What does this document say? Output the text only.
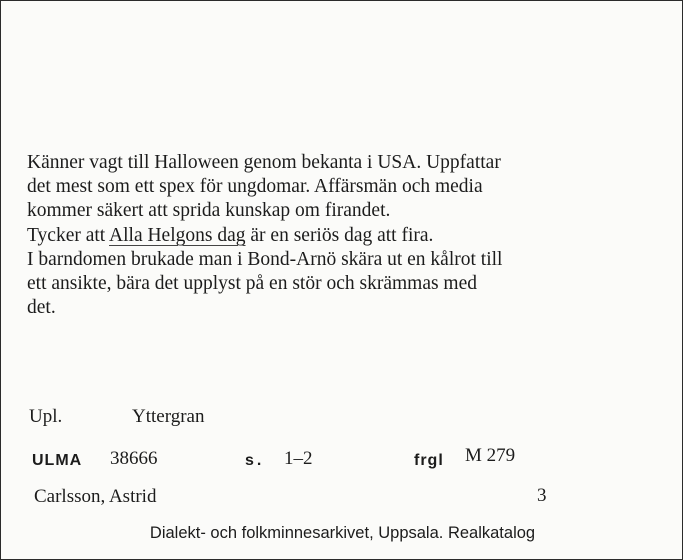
Känner vagt till Halloween genom bekanta i USA. Uppfattar
det mest som ett spex för ungdomar. Affärsmän och media
kommer säkert att sprida kunskap om firandet.
Tycker att Alla Helgons dag är en seriös dag att fira.
I barndomen brukade man i Bond-Arnö skära ut en kålrot till
ett ansikte, bära det upplyst på en stör och skrämmas med
det.
Upl.	Yttergran
ULMA 38666	s. 1–2	frgl M 279
Carlsson, Astrid	3
Dialekt- och folkminnesarkivet, Uppsala. Realkatalog
